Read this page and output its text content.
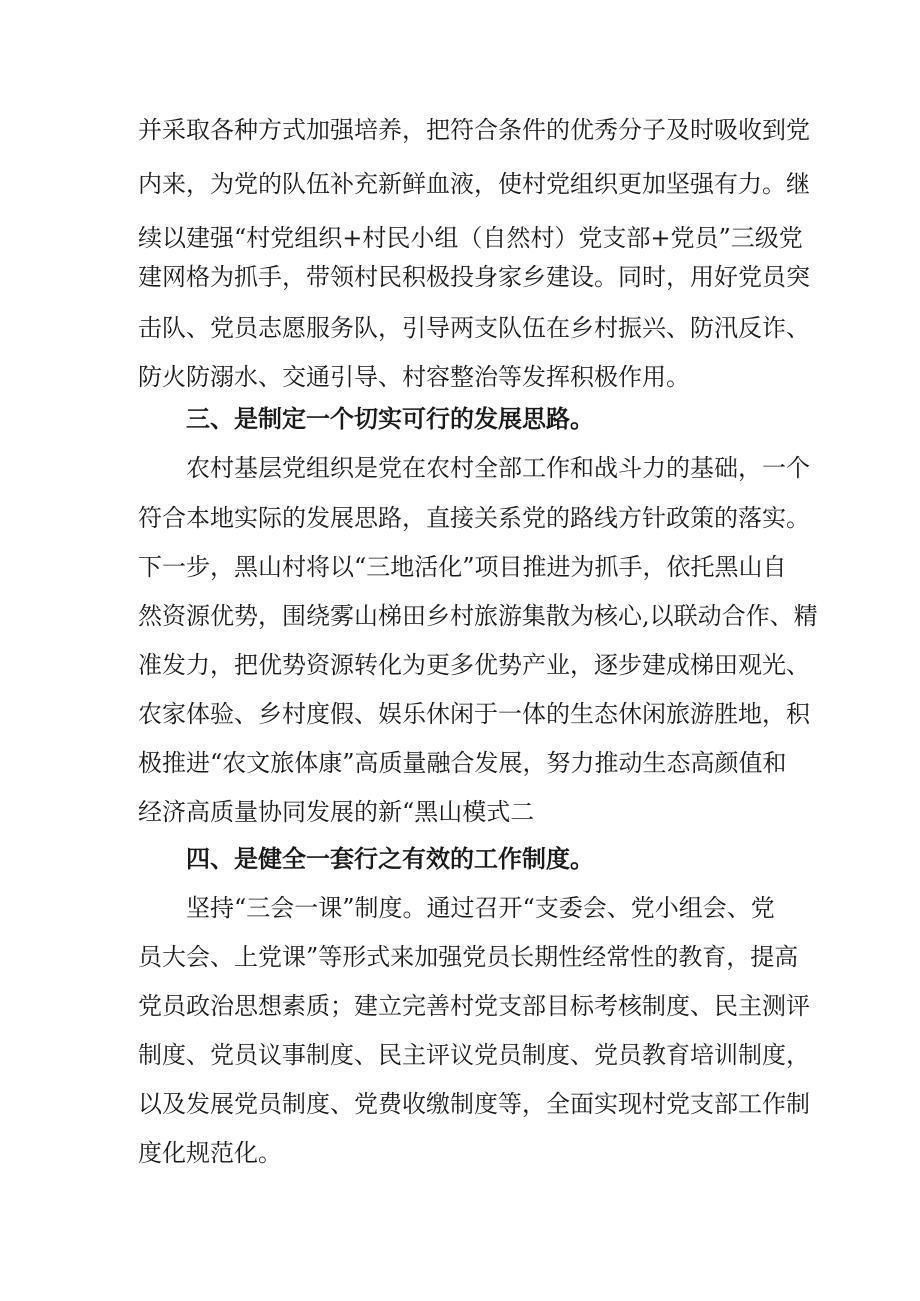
并采取各种方式加强培养，把符合条件的优秀分子及时吸收到党
内来，为党的队伍补充新鲜血液，使村党组织更加坚强有力。继
续以建强“村党组织+村民小组（自然村）党支部+党员”三级党
建网格为抓手，带领村民积极投身家乡建设。同时，用好党员突
击队、党员志愿服务队，引导两支队伍在乡村振兴、防汛反诈、
防火防溺水、交通引导、村容整治等发挥积极作用。
三、是制定一个切实可行的发展思路。
农村基层党组织是党在农村全部工作和战斗力的基础，一个
符合本地实际的发展思路，直接关系党的路线方针政策的落实。
下一步，黑山村将以“三地活化”项目推进为抓手，依托黑山自
然资源优势，围绕雾山梯田乡村旅游集散为核心,以联动合作、精
准发力，把优势资源转化为更多优势产业，逐步建成梯田观光、
农家体验、乡村度假、娱乐休闲于一体的生态休闲旅游胜地，积
极推进“农文旅体康”高质量融合发展，努力推动生态高颜值和
经济高质量协同发展的新“黑山模式二
四、是健全一套行之有效的工作制度。
坚持“三会一课”制度。通过召开“支委会、党小组会、党
员大会、上党课”等形式来加强党员长期性经常性的教育，提高
党员政治思想素质；建立完善村党支部目标考核制度、民主测评
制度、党员议事制度、民主评议党员制度、党员教育培训制度，
以及发展党员制度、党费收缴制度等，全面实现村党支部工作制
度化规范化。
